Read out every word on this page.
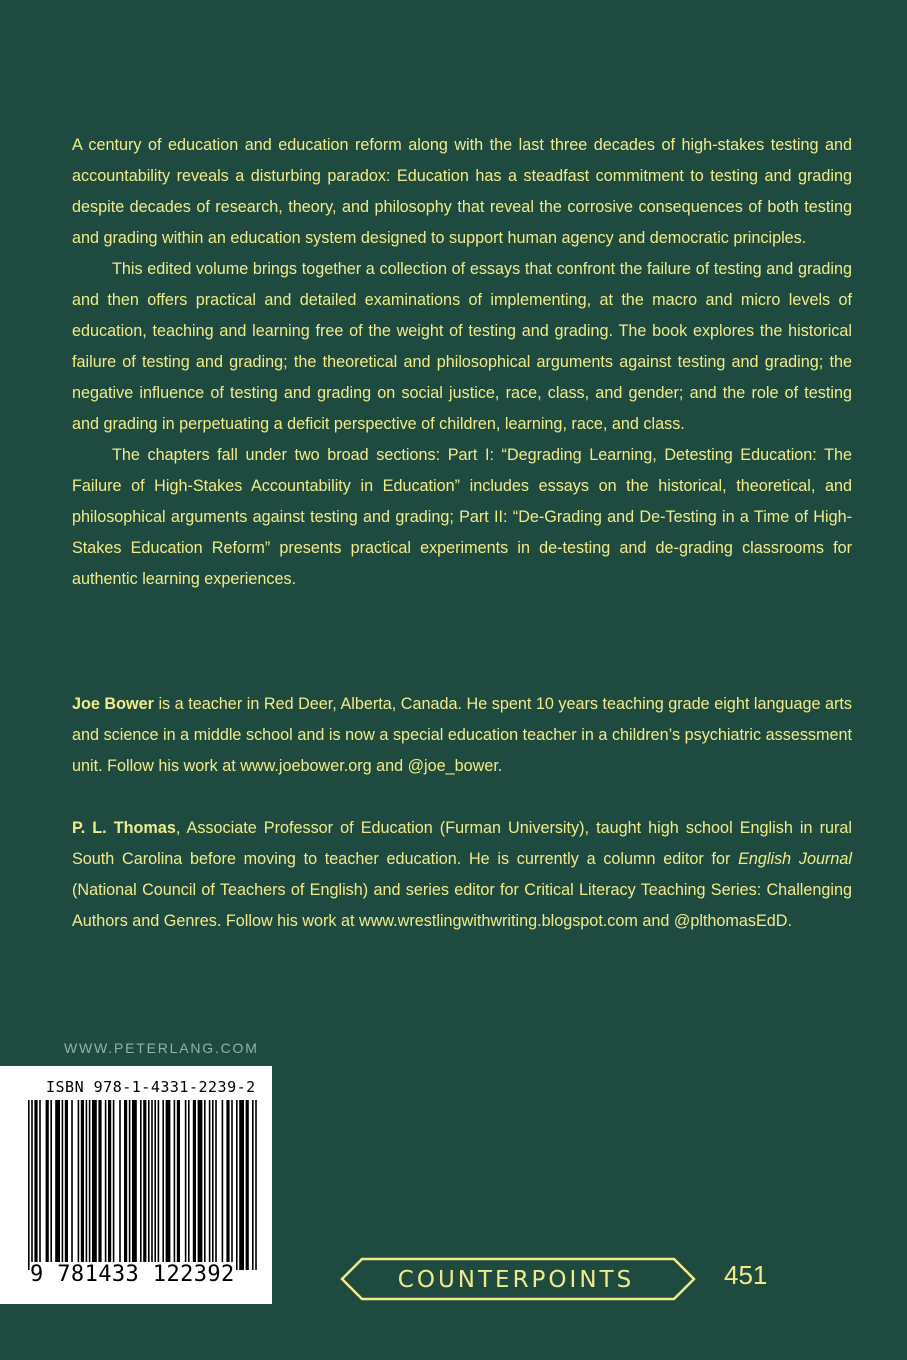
A century of education and education reform along with the last three decades of high-stakes testing and accountability reveals a disturbing paradox: Education has a steadfast commitment to testing and grading despite decades of research, theory, and philosophy that reveal the corrosive consequences of both testing and grading within an education system designed to support human agency and democratic principles.

This edited volume brings together a collection of essays that confront the failure of testing and grading and then offers practical and detailed examinations of implementing, at the macro and micro levels of education, teaching and learning free of the weight of testing and grading. The book explores the historical failure of testing and grading; the theoretical and philosophical arguments against testing and grading; the negative influence of testing and grading on social justice, race, class, and gender; and the role of testing and grading in perpetuating a deficit perspective of children, learning, race, and class.

The chapters fall under two broad sections: Part I: “Degrading Learning, Detesting Education: The Failure of High-Stakes Accountability in Education” includes essays on the historical, theoretical, and philosophical arguments against testing and grading; Part II: “De-Grading and De-Testing in a Time of High-Stakes Education Reform” presents practical experiments in de-testing and de-grading classrooms for authentic learning experiences.

Joe Bower is a teacher in Red Deer, Alberta, Canada. He spent 10 years teaching grade eight language arts and science in a middle school and is now a special education teacher in a children’s psychiatric assessment unit. Follow his work at www.joebower.org and @joe_bower.

P. L. Thomas, Associate Professor of Education (Furman University), taught high school English in rural South Carolina before moving to teacher education. He is currently a column editor for English Journal (National Council of Teachers of English) and series editor for Critical Literacy Teaching Series: Challenging Authors and Genres. Follow his work at www.wrestlingwithwriting.blogspot.com and @plthomasEdD.

WWW.PETERLANG.COM
ISBN 978-1-4331-2239-2
9 781433 122392	COUNTERPOINTS	451
